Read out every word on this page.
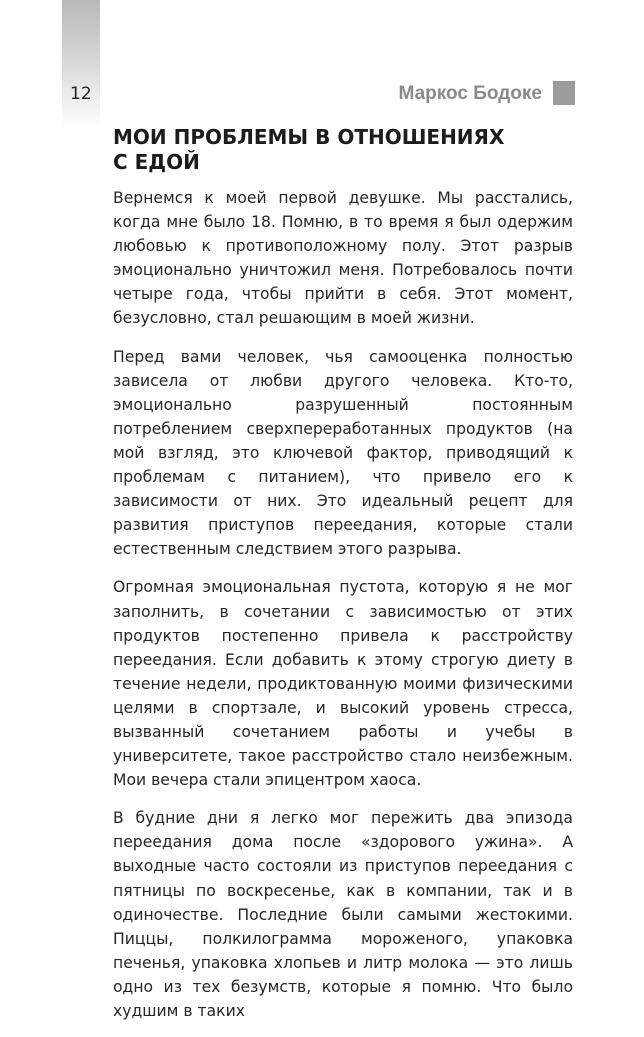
12	Маркос Бодоке
МОИ ПРОБЛЕМЫ В ОТНОШЕНИЯХ
С ЕДОЙ

Вернемся к моей первой девушке. Мы расстались, когда мне было 18. Помню, в то время я был одержим любовью к противоположному полу. Этот разрыв эмоционально уничтожил меня. Потребовалось почти четыре года, чтобы прийти в себя. Этот момент, безусловно, стал решающим в моей жизни.

Перед вами человек, чья самооценка полностью зависела от любви другого человека. Кто-то, эмоционально разрушенный постоянным потреблением сверхпереработанных продуктов (на мой взгляд, это ключевой фактор, приводящий к проблемам с питанием), что привело его к зависимости от них. Это идеальный рецепт для развития приступов переедания, которые стали естественным следствием этого разрыва.

Огромная эмоциональная пустота, которую я не мог заполнить, в сочетании с зависимостью от этих продуктов постепенно привела к расстройству переедания. Если добавить к этому строгую диету в течение недели, продиктованную моими физическими целями в спортзале, и высокий уровень стресса, вызванный сочетанием работы и учебы в университете, такое расстройство стало неизбежным. Мои вечера стали эпицентром хаоса.

В будние дни я легко мог пережить два эпизода переедания дома после «здорового ужина». А выходные часто состояли из приступов переедания с пятницы по воскресенье, как в компании, так и в одиночестве. Последние были самыми жестокими. Пиццы, полкилограмма мороженого, упаковка печенья, упаковка хлопьев и литр молока — это лишь одно из тех безумств, которые я помню. Что было худшим в таких
